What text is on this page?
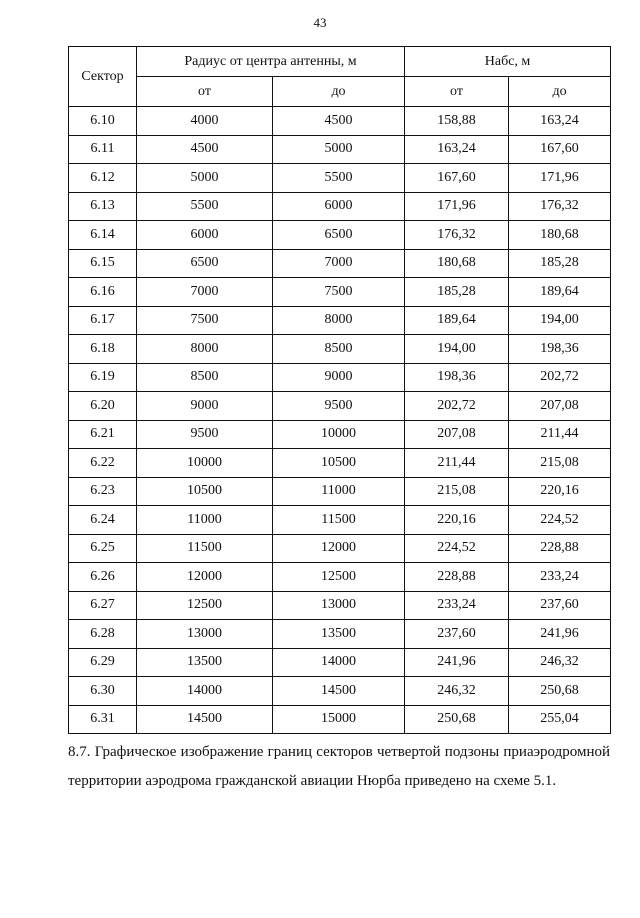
43
Сектор	Радиус от центра антенны, м		Набс, м	
	от	до	от	до
6.10	4000	4500	158,88	163,24
6.11	4500	5000	163,24	167,60
6.12	5000	5500	167,60	171,96
6.13	5500	6000	171,96	176,32
6.14	6000	6500	176,32	180,68
6.15	6500	7000	180,68	185,28
6.16	7000	7500	185,28	189,64
6.17	7500	8000	189,64	194,00
6.18	8000	8500	194,00	198,36
6.19	8500	9000	198,36	202,72
6.20	9000	9500	202,72	207,08
6.21	9500	10000	207,08	211,44
6.22	10000	10500	211,44	215,08
6.23	10500	11000	215,08	220,16
6.24	11000	11500	220,16	224,52
6.25	11500	12000	224,52	228,88
6.26	12000	12500	228,88	233,24
6.27	12500	13000	233,24	237,60
6.28	13000	13500	237,60	241,96
6.29	13500	14000	241,96	246,32
6.30	14000	14500	246,32	250,68
6.31	14500	15000	250,68	255,04
8.7. Графическое изображение границ секторов четвертой подзоны приаэродромной территории аэродрома гражданской авиации Нюрба приведено на схеме 5.1.
